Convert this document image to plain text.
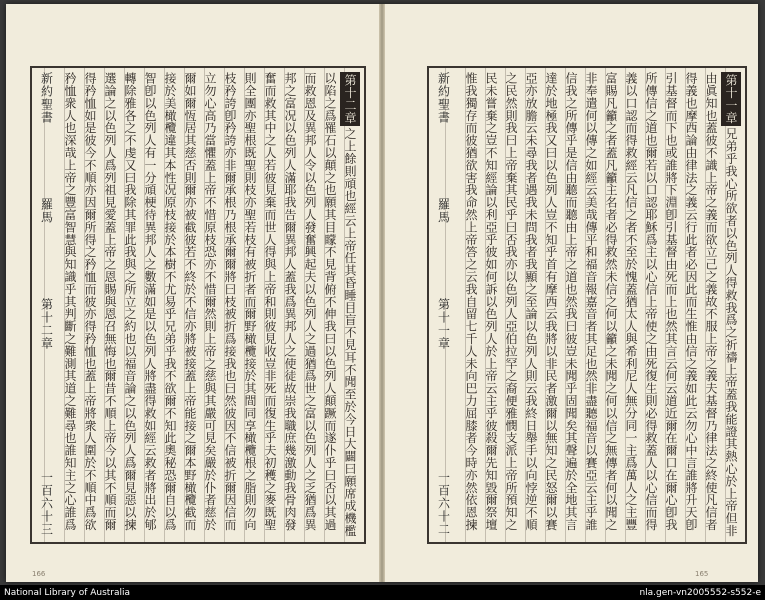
新約聖書
羅馬
第十二章
一百六十三
第十二章之上餘則頑也經云上帝任其昏睡目盲不見耳不聞至於今日大闢曰願席成機檻以陷之爲罹石以顛之也願其目矇不見背俯不伸我曰以色列人顛蹶而遂仆乎曰否以其過而救恩及異邦人令以色列人發奮興起夫以色列人之過猶爲世之富以色列人之乏猶爲異邦之富况以色列人滿耶我告爾異邦人蓋我爲異邦人之使徒故崇我職庶幾激動我骨肉發奮而救其中之人若彼見棄而世人得與上帝和則彼見收豈非死而復生乎夫初穫之麥既聖則全團亦聖根既聖則枝亦聖若枝有被折者而爾野橄欖接於其間同享橄欖根之脂則勿向枝矜誇卽矜誇亦非爾承根乃根承爾爾將曰枝被折爲接我也曰然彼因不信被折爾因信而立勿心高乃當懼蓋上帝不惜原枝恐亦不惜爾然則上帝之慈與其嚴可見矣嚴於仆者慈於爾如爾恆居其慈否則爾亦被截彼若不終於不信亦將被接蓋上帝能接之爾本野橄欖截而接於美橄欖違其本性况原枝接於本樹不尤易乎兄弟乎我不欲爾不知此奧秘恐爾自以爲智卽以色列人有一分頑梗待異邦人之數滿如是以色列人將盡得救如經云救者將出於郇轉除雅各之不虔又曰我除其罪此我與之所立之約也以福音論之以色列人爲爾見惡以揀選論之以色列人爲列祖見愛蓋上帝之恩賜與恩召無悔也爾昔不順上帝今以其不順而爾得矜恤如是彼今不順亦因爾所得之矜恤而彼亦得矜恤也蓋上帝將衆人圍於不順中爲欲矜恤衆人也深哉上帝之豐富智慧與知識乎其判斷之難測其道之難尋也誰知主之心誰爲
166
新約聖書
羅馬
第十一章
一百六十二
第十一章兄弟乎我心所欲者以色列人得救我爲之祈禱上帝蓋我能證其熱心於上帝但非由眞知也蓋彼不識上帝之義而欲立己之義故不服上帝之義夫基督乃律法之終使凡信者得義也摩西論由律法之義云行此者必因此而生惟由信之義如此云勿心中言誰將升天卽引基督而下也或誰將下淵卽引基督由死而上也然其言云何云道近爾在爾口在爾心卽我所傳信之道也爾若以口認耶穌爲主以心信上帝使之由死復生則必得救蓋人以心信而得義以口認而得救經云凡信之者不至於愧蓋猶太人與希利尼人無分同一主爲萬人之主豐富賜凡籲之者蓋凡籲主名者必得救然未信之何以籲之未聞之何以信之無傳者何以聞之非奉遣何以傳之如經云美哉傳平和福音報嘉音者其足也然非盡聽福音以賽亞云主乎誰信我之所傳乎是信由聽而聽由上帝之道也然我曰彼豈未聞乎固聞矣其聲遍於全地其言達於地極我又曰以色列人豈不知乎首有摩西云我將以非民者激爾以無知之民怒爾以賽亞亦放膽云未尋我者遇我未問我者我顯之至論以色列人則云我終日舉手以向悖逆不順之民然則我曰上帝棄其民乎曰否我亦以色列人亞伯拉罕之裔便雅憫支派上帝所預知之民未嘗棄之豈不知經論以利亞乎彼如何訴以色列人於上帝云主乎彼殺爾先知毀爾祭壇惟我獨存而彼猶欲害我命然上帝答之云我自留七千人未向巴力屈膝者今時亦然依恩揀
165
National Library of Australia	nla.gen-vn2005552-s552-e
